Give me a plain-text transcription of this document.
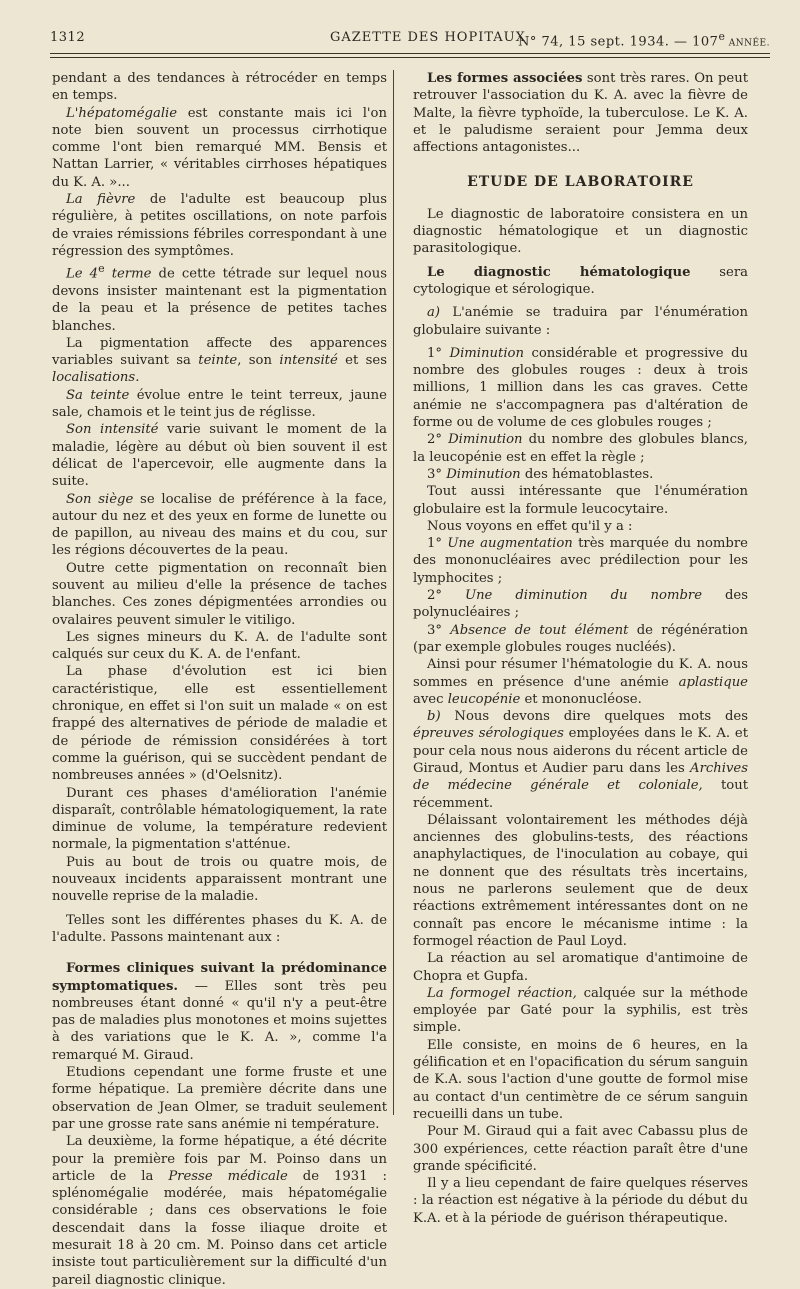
1312	GAZETTE DES HOPITAUX
N° 74, 15 sept. 1934. — 107e ANNÉE.

pendant a des tendances à rétrocéder en temps en temps.

L'hépatomégalie est constante mais ici l'on note bien souvent un processus cirrhotique comme l'ont bien remarqué MM. Bensis et Nattan Larrier, « véritables cirrhoses hépatiques du K. A. »...

La fièvre de l'adulte est beaucoup plus régulière, à petites oscillations, on note parfois de vraies rémissions fébriles correspondant à une régression des symptômes.

Le 4e terme de cette tétrade sur lequel nous devons insister maintenant est la pigmentation de la peau et la présence de petites taches blanches.

La pigmentation affecte des apparences variables suivant sa teinte, son intensité et ses localisations.

Sa teinte évolue entre le teint terreux, jaune sale, chamois et le teint jus de réglisse.

Son intensité varie suivant le moment de la maladie, légère au début où bien souvent il est délicat de l'apercevoir, elle augmente dans la suite.

Son siège se localise de préférence à la face, autour du nez et des yeux en forme de lunette ou de papillon, au niveau des mains et du cou, sur les régions découvertes de la peau.

Outre cette pigmentation on reconnaît bien souvent au milieu d'elle la présence de taches blanches. Ces zones dépigmentées arrondies ou ovalaires peuvent simuler le vitiligo.

Les signes mineurs du K. A. de l'adulte sont calqués sur ceux du K. A. de l'enfant.

La phase d'évolution est ici bien caractéristique, elle est essentiellement chronique, en effet si l'on suit un malade « on est frappé des alternatives de période de maladie et de période de rémission considérées à tort comme la guérison, qui se succèdent pendant de nombreuses années » (d'Oelsnitz).

Durant ces phases d'amélioration l'anémie disparaît, contrôlable hématologiquement, la rate diminue de volume, la température redevient normale, la pigmentation s'atténue.

Puis au bout de trois ou quatre mois, de nouveaux incidents apparaissent montrant une nouvelle reprise de la maladie.

Telles sont les différentes phases du K. A. de l'adulte. Passons maintenant aux :

Formes cliniques suivant la prédominance symptomatiques. — Elles sont très peu nombreuses étant donné « qu'il n'y a peut-être pas de maladies plus monotones et moins sujettes à des variations que le K. A. », comme l'a remarqué M. Giraud.

Etudions cependant une forme fruste et une forme hépatique. La première décrite dans une observation de Jean Olmer, se traduit seulement par une grosse rate sans anémie ni température.

La deuxième, la forme hépatique, a été décrite pour la première fois par M. Poinso dans un article de la Presse médicale de 1931 : splénomégalie modérée, mais hépatomégalie considérable ; dans ces observations le foie descendait dans la fosse iliaque droite et mesurait 18 à 20 cm. M. Poinso dans cet article insiste tout particulièrement sur la difficulté d'un pareil diagnostic clinique.

Les formes associées sont très rares. On peut retrouver l'association du K. A. avec la fièvre de Malte, la fièvre typhoïde, la tuberculose. Le K. A. et le paludisme seraient pour Jemma deux affections antagonistes...

ETUDE DE LABORATOIRE

Le diagnostic de laboratoire consistera en un diagnostic hématologique et un diagnostic parasitologique.

Le diagnostic hématologique sera cytologique et sérologique.

a) L'anémie se traduira par l'énumération globulaire suivante :

1° Diminution considérable et progressive du nombre des globules rouges : deux à trois millions, 1 million dans les cas graves. Cette anémie ne s'accompagnera pas d'altération de forme ou de volume de ces globules rouges ;

2° Diminution du nombre des globules blancs, la leucopénie est en effet la règle ;

3° Diminution des hématoblastes.

Tout aussi intéressante que l'énumération globulaire est la formule leucocytaire.

Nous voyons en effet qu'il y a :

1° Une augmentation très marquée du nombre des mononucléaires avec prédilection pour les lymphocites ;

2° Une diminution du nombre des polynucléaires ;

3° Absence de tout élément de régénération (par exemple globules rouges nucléés).

Ainsi pour résumer l'hématologie du K. A. nous sommes en présence d'une anémie aplastique avec leucopénie et mononucléose.

b) Nous devons dire quelques mots des épreuves sérologiques employées dans le K. A. et pour cela nous nous aiderons du récent article de Giraud, Montus et Audier paru dans les Archives de médecine générale et coloniale, tout récemment.

Délaissant volontairement les méthodes déjà anciennes des globulins-tests, des réactions anaphylactiques, de l'inoculation au cobaye, qui ne donnent que des résultats très incertains, nous ne parlerons seulement que de deux réactions extrêmement intéressantes dont on ne connaît pas encore le mécanisme intime : la formogel réaction de Paul Loyd.

La réaction au sel aromatique d'antimoine de Chopra et Gupfa.

La formogel réaction, calquée sur la méthode employée par Gaté pour la syphilis, est très simple.

Elle consiste, en moins de 6 heures, en la gélification et en l'opacification du sérum sanguin de K.A. sous l'action d'une goutte de formol mise au contact d'un centimètre de ce sérum sanguin recueilli dans un tube.

Pour M. Giraud qui a fait avec Cabassu plus de 300 expériences, cette réaction paraît être d'une grande spécificité.

Il y a lieu cependant de faire quelques réserves : la réaction est négative à la période du début du K.A. et à la période de guérison thérapeutique.
